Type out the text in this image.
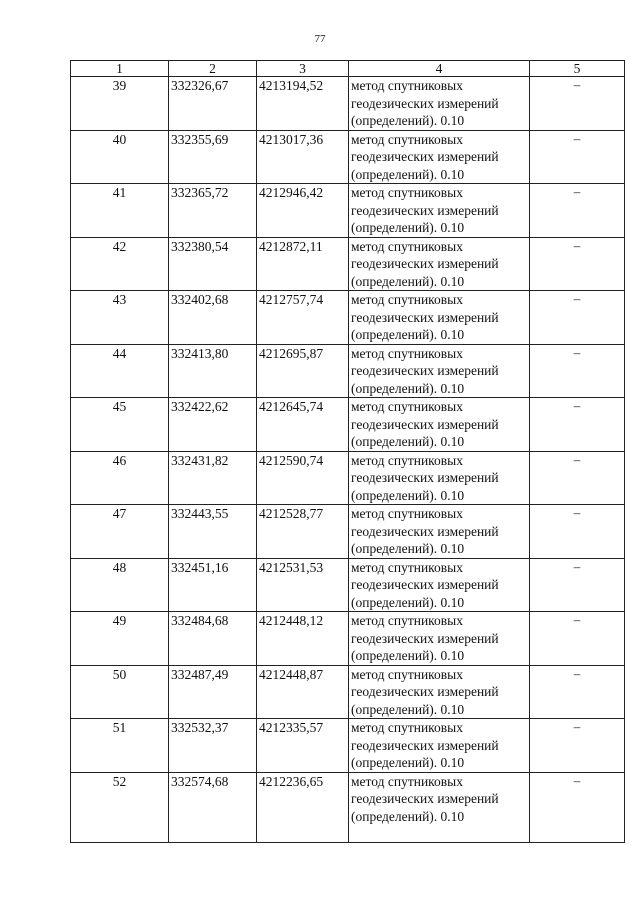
77
1	2	3	4	5
39	332326,67	4213194,52	метод спутниковых
геодезических измерений
(определений). 0.10	–
40	332355,69	4213017,36	метод спутниковых
геодезических измерений
(определений). 0.10	–
41	332365,72	4212946,42	метод спутниковых
геодезических измерений
(определений). 0.10	–
42	332380,54	4212872,11	метод спутниковых
геодезических измерений
(определений). 0.10	–
43	332402,68	4212757,74	метод спутниковых
геодезических измерений
(определений). 0.10	–
44	332413,80	4212695,87	метод спутниковых
геодезических измерений
(определений). 0.10	–
45	332422,62	4212645,74	метод спутниковых
геодезических измерений
(определений). 0.10	–
46	332431,82	4212590,74	метод спутниковых
геодезических измерений
(определений). 0.10	–
47	332443,55	4212528,77	метод спутниковых
геодезических измерений
(определений). 0.10	–
48	332451,16	4212531,53	метод спутниковых
геодезических измерений
(определений). 0.10	–
49	332484,68	4212448,12	метод спутниковых
геодезических измерений
(определений). 0.10	–
50	332487,49	4212448,87	метод спутниковых
геодезических измерений
(определений). 0.10	–
51	332532,37	4212335,57	метод спутниковых
геодезических измерений
(определений). 0.10	–
52	332574,68	4212236,65	метод спутниковых
геодезических измерений
(определений). 0.10	–
